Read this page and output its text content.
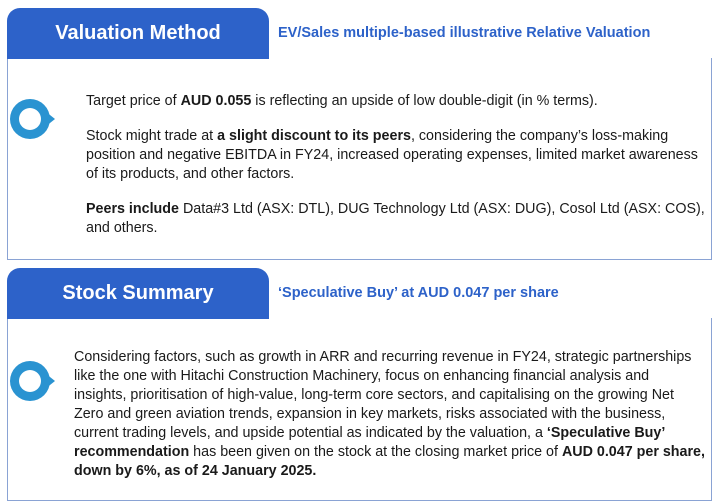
Valuation Method	EV/Sales multiple-based illustrative Relative Valuation

Target price of AUD 0.055 is reflecting an upside of low double-digit (in % terms).

Stock might trade at a slight discount to its peers, considering the company’s loss-making position and negative EBITDA in FY24, increased operating expenses, limited market awareness of its products, and other factors.

Peers include Data#3 Ltd (ASX: DTL), DUG Technology Ltd (ASX: DUG), Cosol Ltd (ASX: COS), and others.

Stock Summary	‘Speculative Buy’ at AUD 0.047 per share

Considering factors, such as growth in ARR and recurring revenue in FY24, strategic partnerships like the one with Hitachi Construction Machinery, focus on enhancing financial analysis and insights, prioritisation of high-value, long-term core sectors, and capitalising on the growing Net Zero and green aviation trends, expansion in key markets, risks associated with the business, current trading levels, and upside potential as indicated by the valuation, a ‘Speculative Buy’ recommendation has been given on the stock at the closing market price of AUD 0.047 per share, down by 6%, as of 24 January 2025.
